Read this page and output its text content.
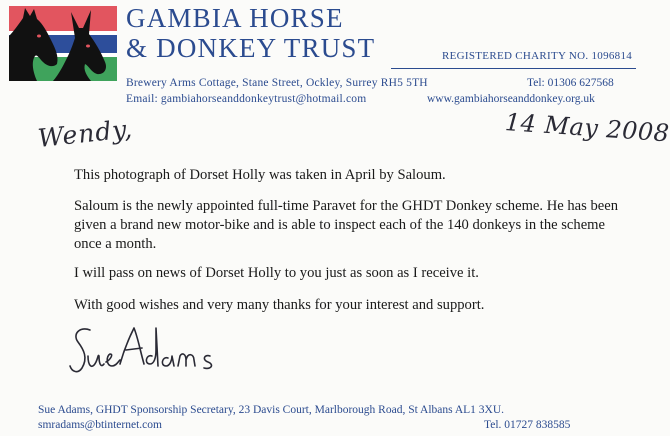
GAMBIA HORSE
& DONKEY TRUST	REGISTERED CHARITY NO. 1096814
Brewery Arms Cottage, Stane Street, Ockley, Surrey RH5 5TH	Tel: 01306 627568
Email: gambiahorseanddonkeytrust@hotmail.com	www.gambiahorseanddonkey.org.uk
Wendy,	14 May 2008
This photograph of Dorset Holly was taken in April by Saloum.
Saloum is the newly appointed full-time Paravet for the GHDT Donkey scheme. He has been given a brand new motor-bike and is able to inspect each of the 140 donkeys in the scheme once a month.
I will pass on news of Dorset Holly to you just as soon as I receive it.
With good wishes and very many thanks for your interest and support.
Sue Adams, GHDT Sponsorship Secretary, 23 Davis Court, Marlborough Road, St Albans AL1 3XU.
smradams@btinternet.com	Tel. 01727 838585
